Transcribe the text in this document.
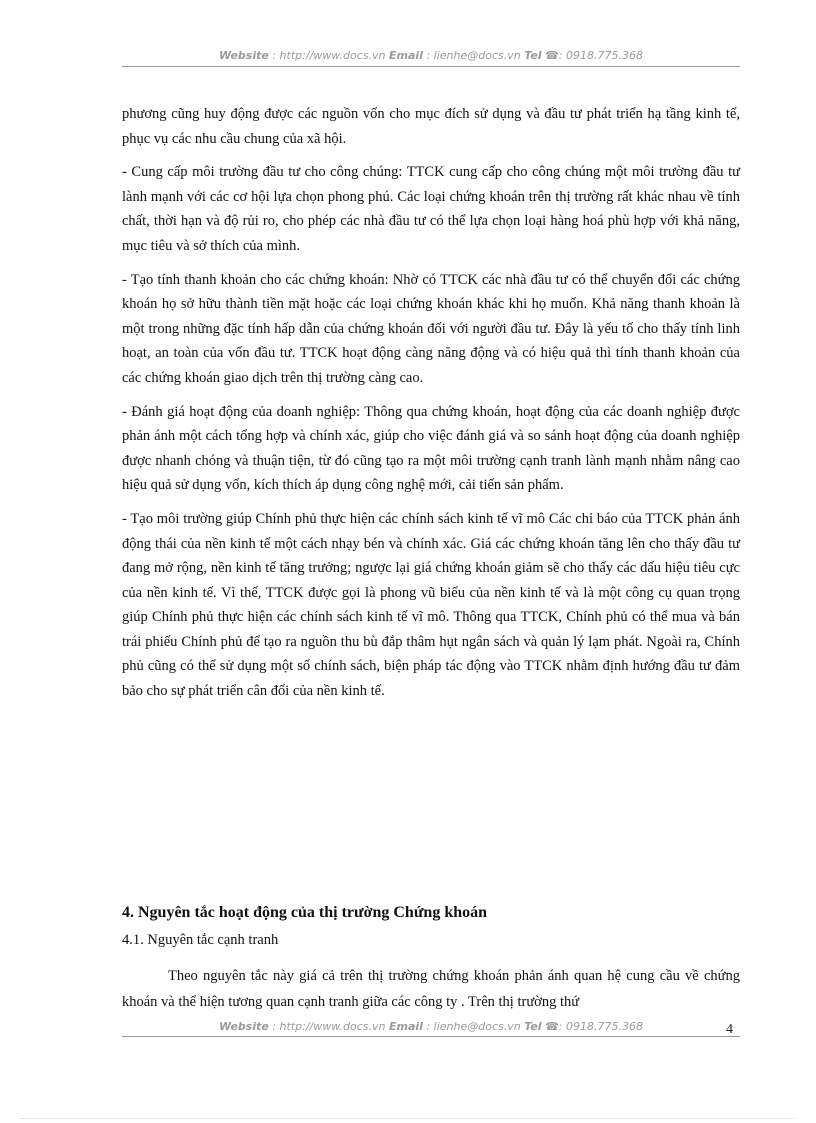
Website : http://www.docs.vn Email : lienhe@docs.vn Tel ☎: 0918.775.368

phương cũng huy động được các nguồn vốn cho mục đích sử dụng và đầu tư phát triển hạ tầng kinh tế, phục vụ các nhu cầu chung của xã hội.

- Cung cấp môi trường đầu tư cho công chúng: TTCK cung cấp cho công chúng một môi trường đầu tư lành mạnh với các cơ hội lựa chọn phong phú. Các loại chứng khoán trên thị trường rất khác nhau về tính chất, thời hạn và độ rủi ro, cho phép các nhà đầu tư có thể lựa chọn loại hàng hoá phù hợp với khả năng, mục tiêu và sở thích của mình.

- Tạo tính thanh khoản cho các chứng khoán: Nhờ có TTCK các nhà đầu tư có thể chuyển đổi các chứng khoán họ sở hữu thành tiền mặt hoặc các loại chứng khoán khác khi họ muốn. Khả năng thanh khoản là một trong những đặc tính hấp dẫn của chứng khoán đối với người đầu tư. Đây là yếu tố cho thấy tính linh hoạt, an toàn của vốn đầu tư. TTCK hoạt động càng năng động và có hiệu quả thì tính thanh khoản của các chứng khoán giao dịch trên thị trường càng cao.

- Đánh giá hoạt động của doanh nghiệp: Thông qua chứng khoán, hoạt động của các doanh nghiệp được phản ánh một cách tổng hợp và chính xác, giúp cho việc đánh giá và so sánh hoạt động của doanh nghiệp được nhanh chóng và thuận tiện, từ đó cũng tạo ra một môi trường cạnh tranh lành mạnh nhằm nâng cao hiệu quả sử dụng vốn, kích thích áp dụng công nghệ mới, cải tiến sản phẩm.

- Tạo môi trường giúp Chính phủ thực hiện các chính sách kinh tế vĩ mô Các chỉ báo của TTCK phản ánh động thái của nền kinh tế một cách nhạy bén và chính xác. Giá các chứng khoán tăng lên cho thấy đầu tư đang mở rộng, nền kinh tế tăng trưởng; ngược lại giá chứng khoán giảm sẽ cho thấy các dấu hiệu tiêu cực của nền kinh tế. Vì thế, TTCK được gọi là phong vũ biểu của nền kinh tế và là một công cụ quan trọng giúp Chính phủ thực hiện các chính sách kinh tế vĩ mô. Thông qua TTCK, Chính phủ có thể mua và bán trái phiếu Chính phủ để tạo ra nguồn thu bù đắp thâm hụt ngân sách và quản lý lạm phát. Ngoài ra, Chính phủ cũng có thể sử dụng một số chính sách, biện pháp tác động vào TTCK nhằm định hướng đầu tư đảm bảo cho sự phát triển cân đối của nền kinh tế.

4. Nguyên tắc hoạt động của thị trường Chứng khoán
4.1. Nguyên tắc cạnh tranh
Theo nguyên tắc này giá cả trên thị trường chứng khoán phản ánh quan hệ cung cầu về chứng khoán và thể hiện tương quan cạnh tranh giữa các công ty . Trên thị trường thứ
Website : http://www.docs.vn Email : lienhe@docs.vn Tel ☎: 0918.775.368	4
